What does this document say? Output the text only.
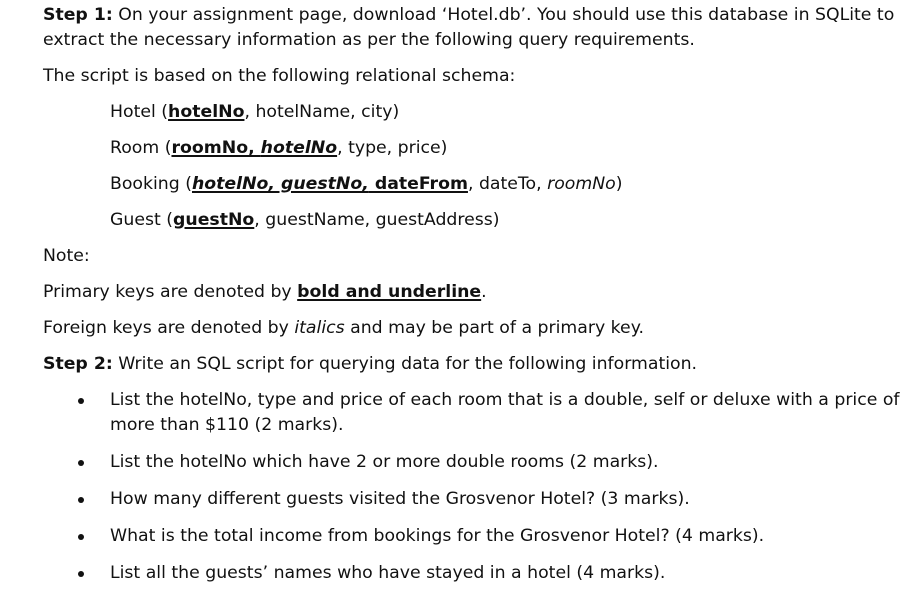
Step 1: On your assignment page, download ‘Hotel.db’. You should use this database in SQLite to extract the necessary information as per the following query requirements.

The script is based on the following relational schema:

Hotel (hotelNo, hotelName, city)

Room (roomNo, hotelNo, type, price)

Booking (hotelNo, guestNo, dateFrom, dateTo, roomNo)

Guest (guestNo, guestName, guestAddress)

Note:

Primary keys are denoted by bold and underline.

Foreign keys are denoted by italics and may be part of a primary key.

Step 2: Write an SQL script for querying data for the following information.

List the hotelNo, type and price of each room that is a double, self or deluxe with a price of more than $110 (2 marks).
List the hotelNo which have 2 or more double rooms (2 marks).
How many different guests visited the Grosvenor Hotel? (3 marks).
What is the total income from bookings for the Grosvenor Hotel? (4 marks).
List all the guests’ names who have stayed in a hotel (4 marks).
